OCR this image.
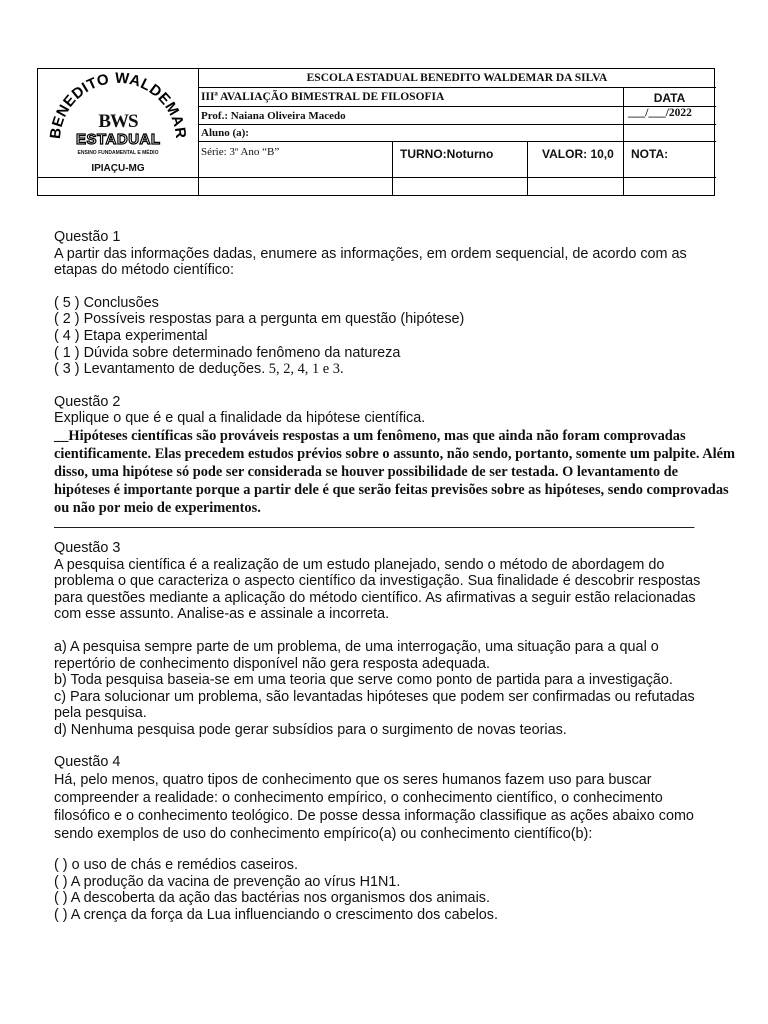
BENEDITO WALDEMAR
BWS
ESTADUAL
ENSINO FUNDAMENTAL E MÉDIO
IPIAÇU-MG
ESCOLA ESTADUAL BENEDITO WALDEMAR DA SILVA
IIIª AVALIAÇÃO BIMESTRAL DE FILOSOFIA	DATA
Prof.: Naiana Oliveira Macedo	___/___/2022
Aluno (a):
Série: 3º Ano “B”	TURNO:Noturno	VALOR: 10,0 NOTA:

Questão 1

A partir das informações dadas, enumere as informações, em ordem sequencial, de acordo com as etapas do método científico:

( 5 ) Conclusões

( 2 ) Possíveis respostas para a pergunta em questão (hipótese)

( 4 ) Etapa experimental

( 1 ) Dúvida sobre determinado fenômeno da natureza

( 3 ) Levantamento de deduções. 5, 2, 4, 1 e 3.

Questão 2

Explique o que é e qual a finalidade da hipótese científica.

__Hipóteses científicas são prováveis respostas a um fenômeno, mas que ainda não foram comprovadas cientificamente. Elas precedem estudos prévios sobre o assunto, não sendo, portanto, somente um palpite. Além disso, uma hipótese só pode ser considerada se houver possibilidade de ser testada. O levantamento de hipóteses é importante porque a partir dele é que serão feitas previsões sobre as hipóteses, sendo comprovadas ou não por meio de experimentos.

________________________________________________________________________________

Questão 3

A pesquisa científica é a realização de um estudo planejado, sendo o método de abordagem do problema o que caracteriza o aspecto científico da investigação. Sua finalidade é descobrir respostas para questões mediante a aplicação do método científico. As afirmativas a seguir estão relacionadas com esse assunto. Analise-as e assinale a incorreta.

a) A pesquisa sempre parte de um problema, de uma interrogação, uma situação para a qual o repertório de conhecimento disponível não gera resposta adequada.

b) Toda pesquisa baseia-se em uma teoria que serve como ponto de partida para a investigação.

c) Para solucionar um problema, são levantadas hipóteses que podem ser confirmadas ou refutadas pela pesquisa.

d) Nenhuma pesquisa pode gerar subsídios para o surgimento de novas teorias.

Questão 4

Há, pelo menos, quatro tipos de conhecimento que os seres humanos fazem uso para buscar compreender a realidade: o conhecimento empírico, o conhecimento científico, o conhecimento filosófico e o conhecimento teológico. De posse dessa informação classifique as ações abaixo como sendo exemplos de uso do conhecimento empírico(a) ou conhecimento científico(b):

( ) o uso de chás e remédios caseiros.

( ) A produção da vacina de prevenção ao vírus H1N1.

( ) A descoberta da ação das bactérias nos organismos dos animais.

( ) A crença da força da Lua influenciando o crescimento dos cabelos.
